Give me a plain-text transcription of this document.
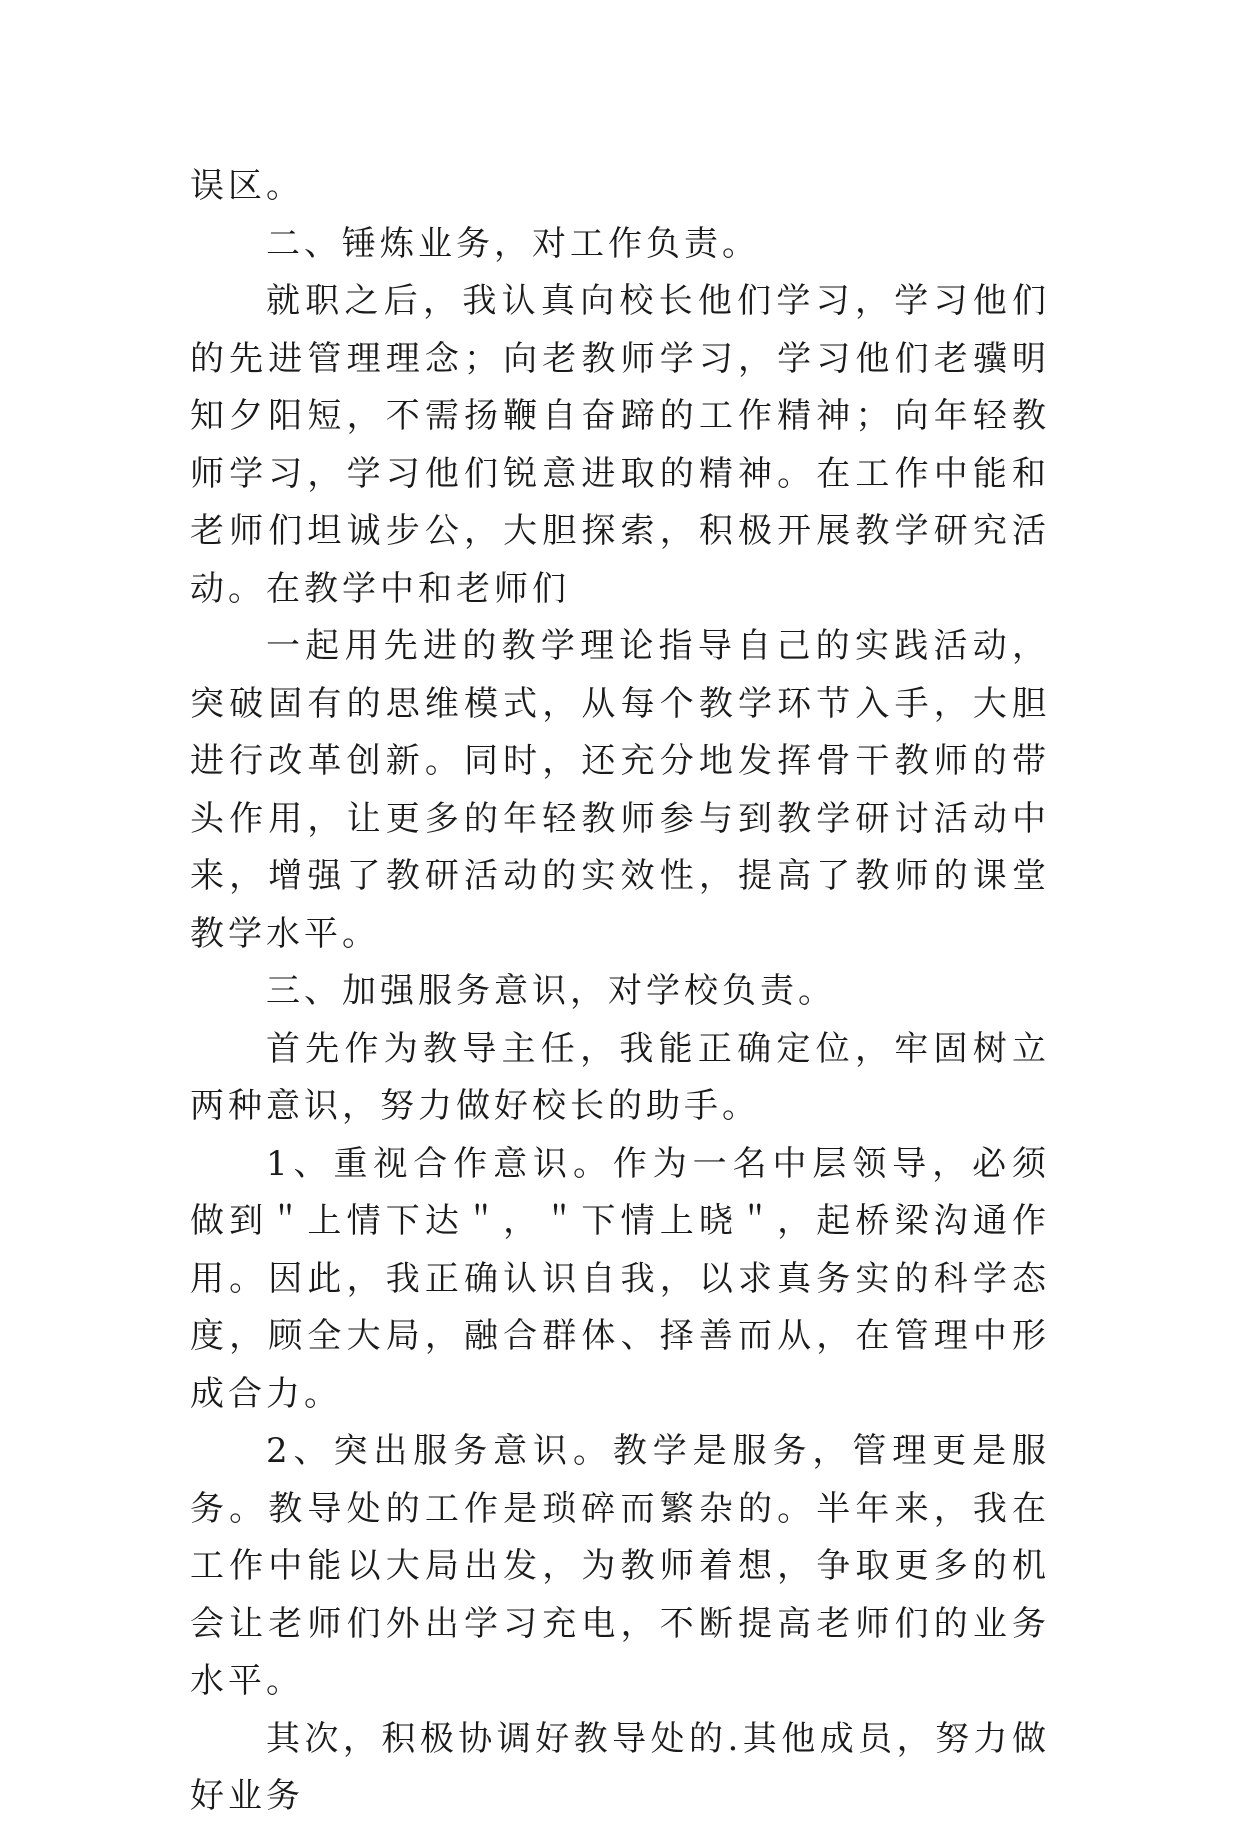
误区。

二、锤炼业务，对工作负责。

就职之后，我认真向校长他们学习，学习他们的先进管理理念；向老教师学习，学习他们老骥明知夕阳短，不需扬鞭自奋蹄的工作精神；向年轻教师学习，学习他们锐意进取的精神。在工作中能和老师们坦诚步公，大胆探索，积极开展教学研究活动。在教学中和老师们

一起用先进的教学理论指导自己的实践活动，突破固有的思维模式，从每个教学环节入手，大胆进行改革创新。同时，还充分地发挥骨干教师的带头作用，让更多的年轻教师参与到教学研讨活动中来，增强了教研活动的实效性，提高了教师的课堂教学水平。

三、加强服务意识，对学校负责。

首先作为教导主任，我能正确定位，牢固树立两种意识，努力做好校长的助手。

1、重视合作意识。作为一名中层领导，必须做到＂上情下达＂，＂下情上晓＂，起桥梁沟通作用。因此，我正确认识自我，以求真务实的科学态度，顾全大局，融合群体、择善而从，在管理中形成合力。

2、突出服务意识。教学是服务，管理更是服务。教导处的工作是琐碎而繁杂的。半年来，我在工作中能以大局出发，为教师着想，争取更多的机会让老师们外出学习充电，不断提高老师们的业务水平。

其次，积极协调好教导处的.其他成员，努力做好业务
